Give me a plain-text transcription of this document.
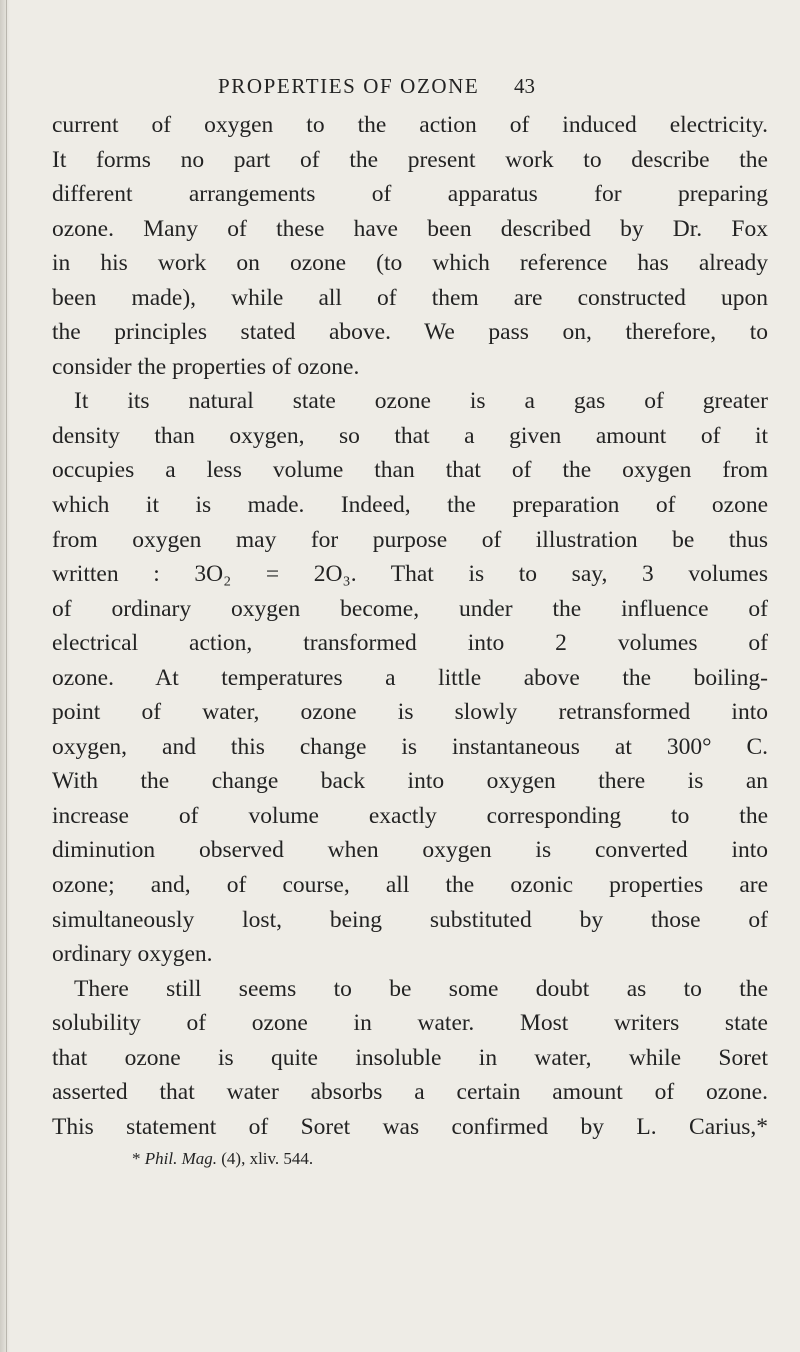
PROPERTIES OF OZONE 43
current of oxygen to the action of induced electricity.
It forms no part of the present work to describe the
different arrangements of apparatus for preparing
ozone. Many of these have been described by Dr. Fox
in his work on ozone (to which reference has already
been made), while all of them are constructed upon
the principles stated above. We pass on, therefore, to
consider the properties of ozone.
It its natural state ozone is a gas of greater
density than oxygen, so that a given amount of it
occupies a less volume than that of the oxygen from
which it is made. Indeed, the preparation of ozone
from oxygen may for purpose of illustration be thus
written : 3O₂ = 2O₃. That is to say, 3 volumes
of ordinary oxygen become, under the influence of
electrical action, transformed into 2 volumes of
ozone. At temperatures a little above the boiling-
point of water, ozone is slowly retransformed into
oxygen, and this change is instantaneous at 300° C.
With the change back into oxygen there is an
increase of volume exactly corresponding to the
diminution observed when oxygen is converted into
ozone; and, of course, all the ozonic properties are
simultaneously lost, being substituted by those of
ordinary oxygen.
There still seems to be some doubt as to the
solubility of ozone in water. Most writers state
that ozone is quite insoluble in water, while Soret
asserted that water absorbs a certain amount of ozone.
This statement of Soret was confirmed by L. Carius,*
* Phil. Mag. (4), xliv. 544.
